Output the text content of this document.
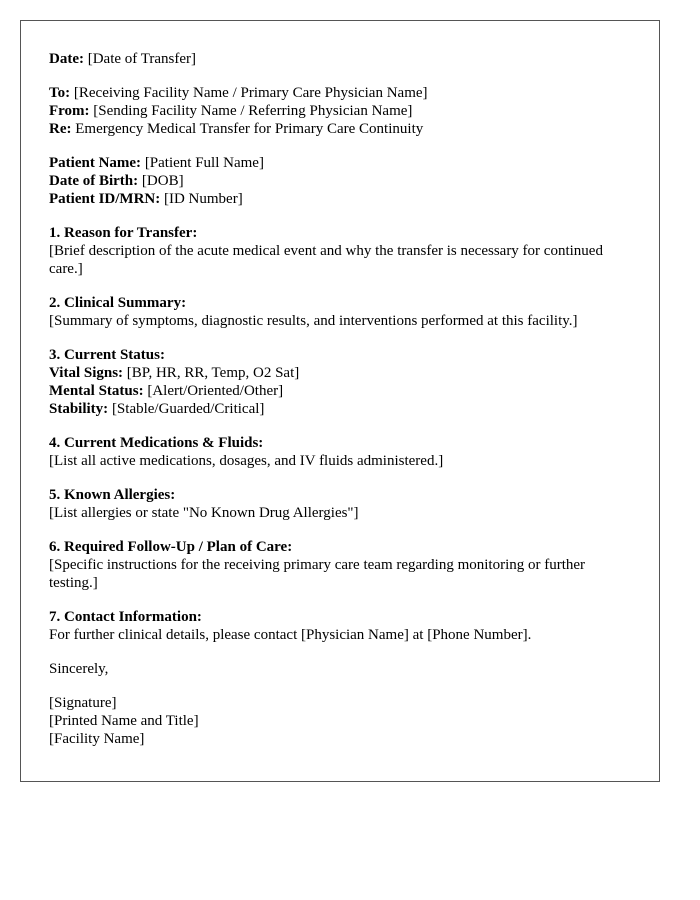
Date: [Date of Transfer]
To: [Receiving Facility Name / Primary Care Physician Name]
From: [Sending Facility Name / Referring Physician Name]
Re: Emergency Medical Transfer for Primary Care Continuity
Patient Name: [Patient Full Name]
Date of Birth: [DOB]
Patient ID/MRN: [ID Number]
1. Reason for Transfer:
[Brief description of the acute medical event and why the transfer is necessary for continued care.]
2. Clinical Summary:
[Summary of symptoms, diagnostic results, and interventions performed at this facility.]
3. Current Status:
Vital Signs: [BP, HR, RR, Temp, O2 Sat]
Mental Status: [Alert/Oriented/Other]
Stability: [Stable/Guarded/Critical]
4. Current Medications & Fluids:
[List all active medications, dosages, and IV fluids administered.]
5. Known Allergies:
[List allergies or state "No Known Drug Allergies"]
6. Required Follow-Up / Plan of Care:
[Specific instructions for the receiving primary care team regarding monitoring or further testing.]
7. Contact Information:
For further clinical details, please contact [Physician Name] at [Phone Number].
Sincerely,
[Signature]
[Printed Name and Title]
[Facility Name]
